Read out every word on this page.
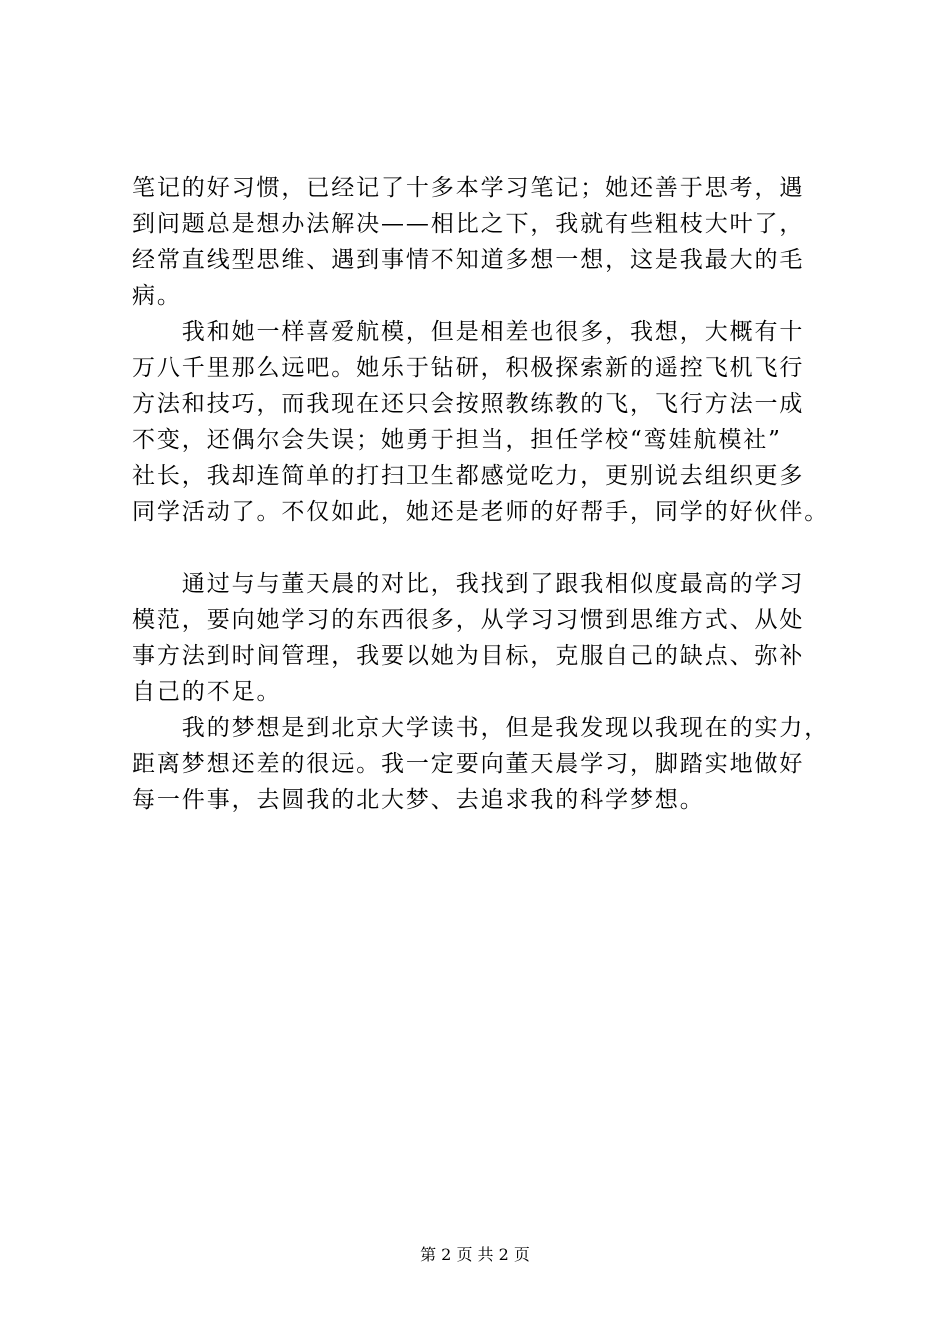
笔记的好习惯，已经记了十多本学习笔记；她还善于思考，遇
到问题总是想办法解决——相比之下，我就有些粗枝大叶了，
经常直线型思维、遇到事情不知道多想一想，这是我最大的毛
病。
　　我和她一样喜爱航模，但是相差也很多，我想，大概有十
万八千里那么远吧。她乐于钻研，积极探索新的遥控飞机飞行
方法和技巧，而我现在还只会按照教练教的飞，飞行方法一成
不变，还偶尔会失误；她勇于担当，担任学校“鸾娃航模社”
社长，我却连简单的打扫卫生都感觉吃力，更别说去组织更多
同学活动了。不仅如此，她还是老师的好帮手，同学的好伙伴。
　　通过与与董天晨的对比，我找到了跟我相似度最高的学习
模范，要向她学习的东西很多，从学习习惯到思维方式、从处
事方法到时间管理，我要以她为目标，克服自己的缺点、弥补
自己的不足。
　　我的梦想是到北京大学读书，但是我发现以我现在的实力，
距离梦想还差的很远。我一定要向董天晨学习，脚踏实地做好
每一件事，去圆我的北大梦、去追求我的科学梦想。
第 2 页 共 2 页
